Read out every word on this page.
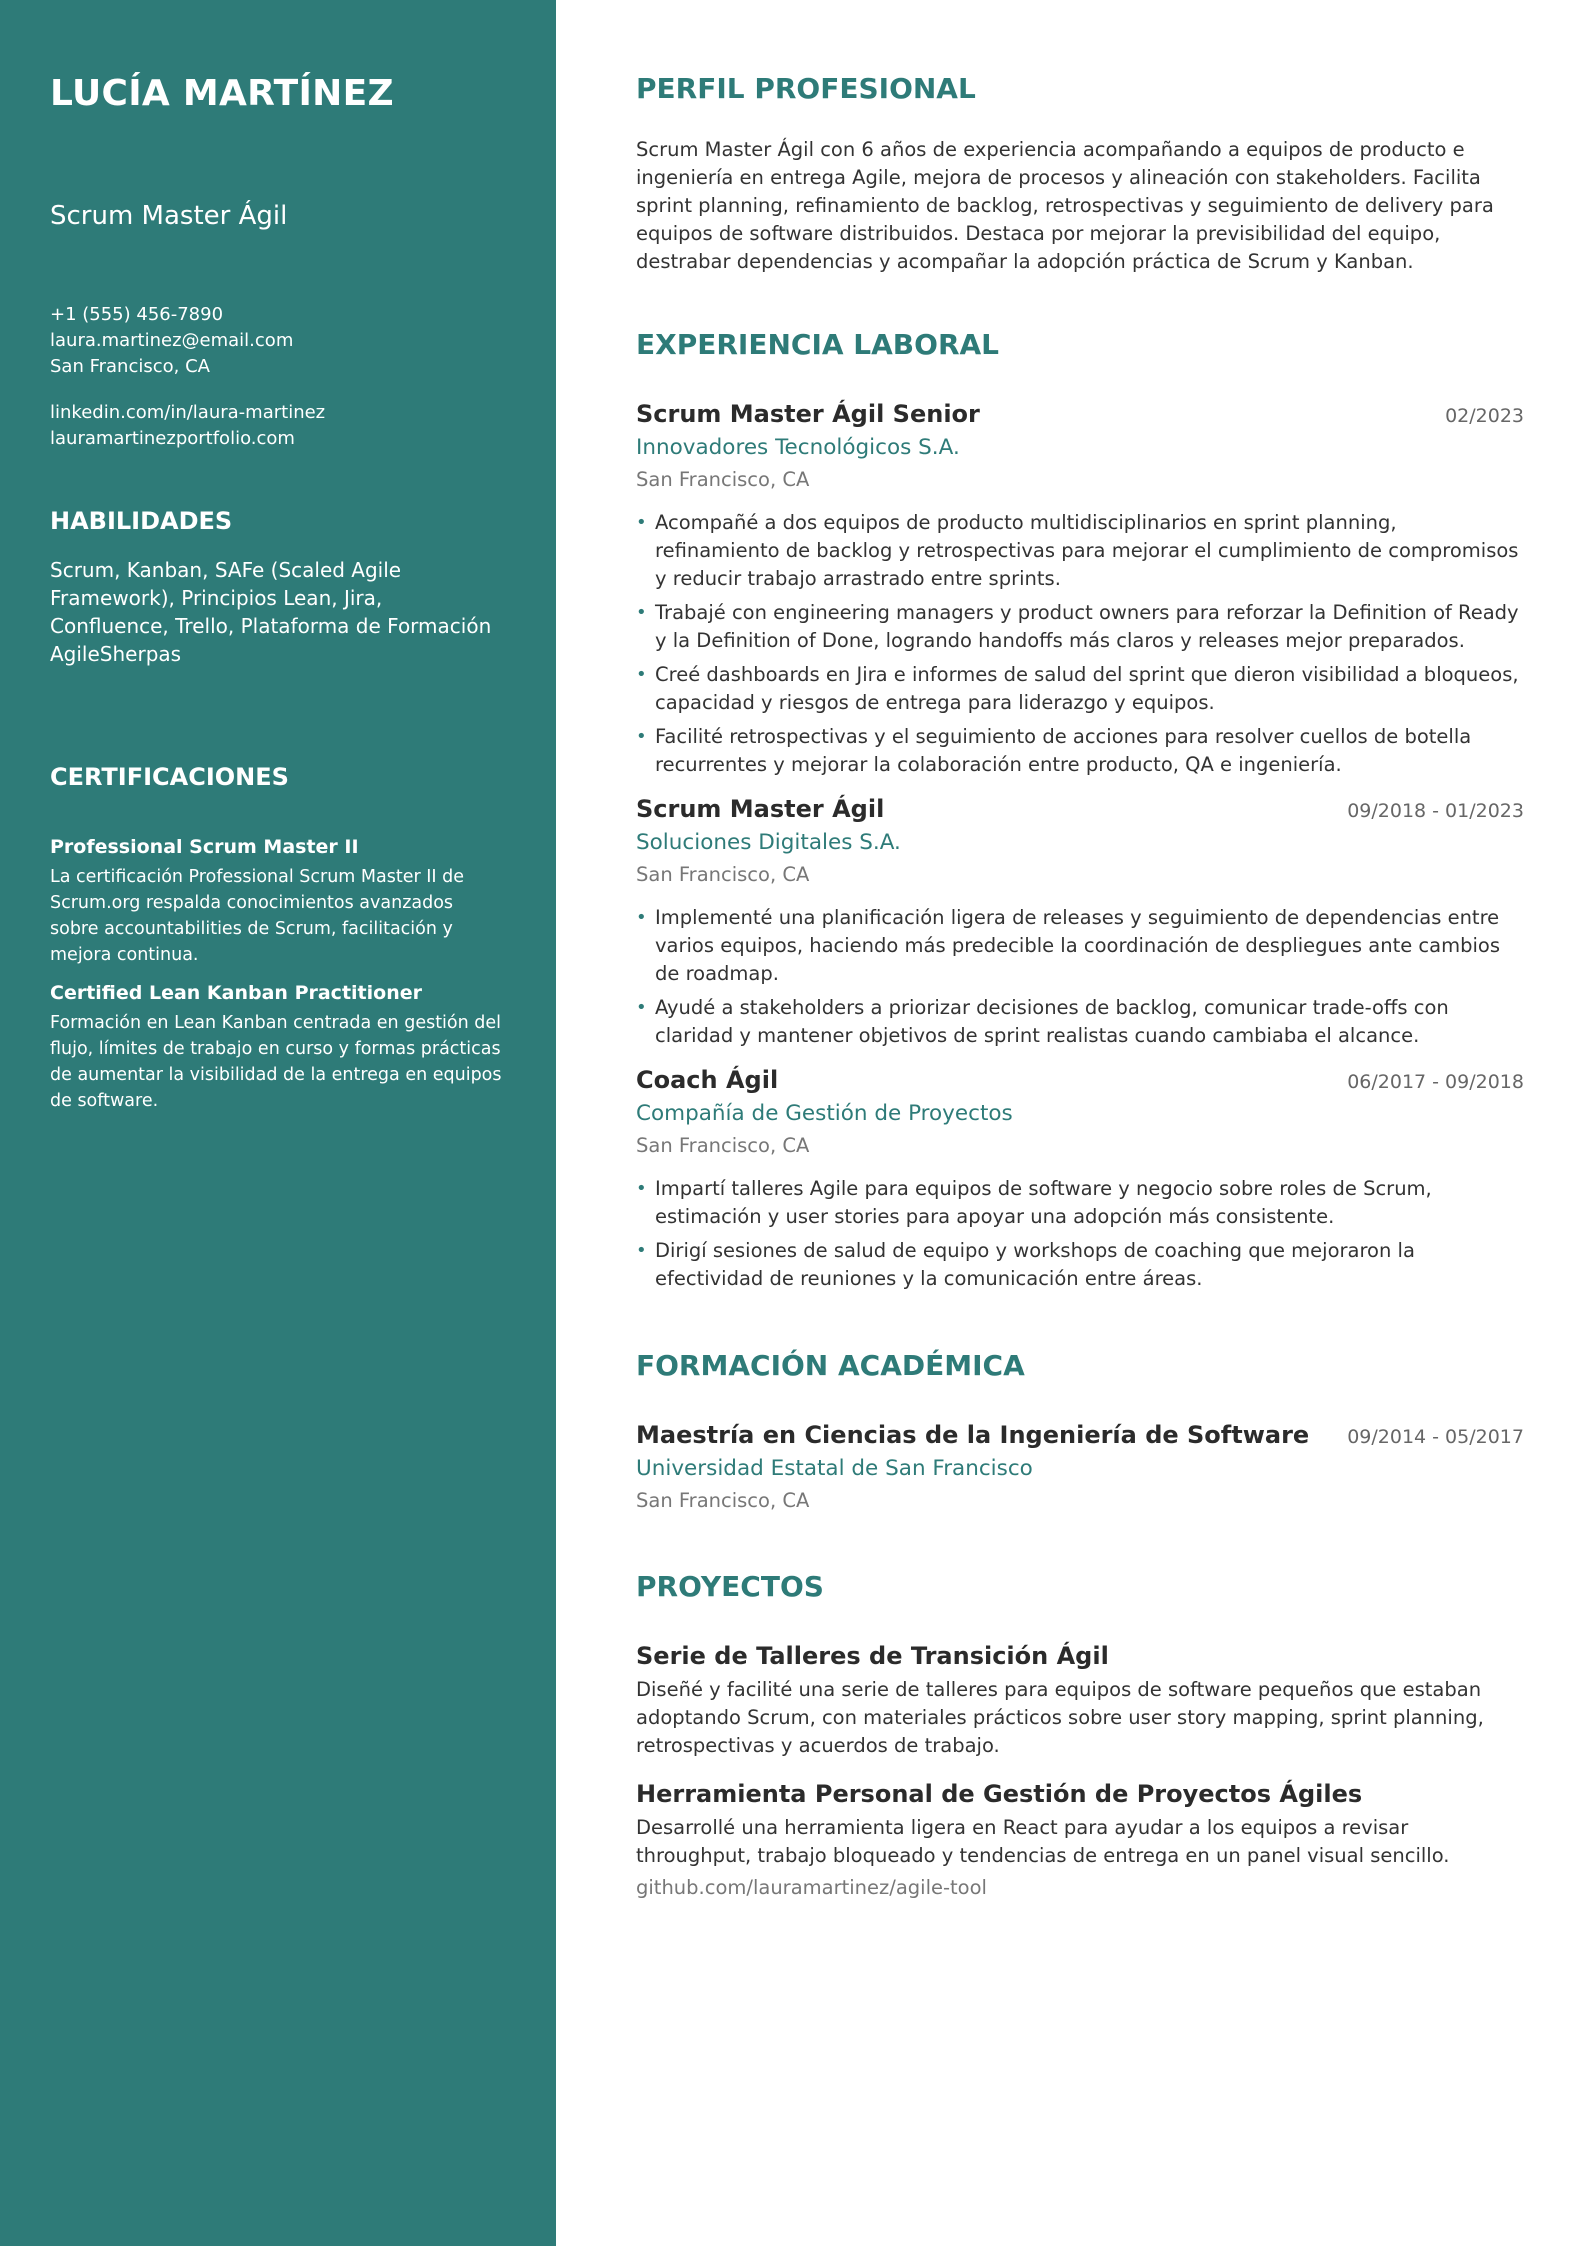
LUCÍA MARTÍNEZ
Scrum Master Ágil
+1 (555) 456-7890
laura.martinez@email.com
San Francisco, CA
linkedin.com/in/laura-martinez
lauramartinezportfolio.com
HABILIDADES
Scrum, Kanban, SAFe (Scaled Agile Framework), Principios Lean, Jira, Confluence, Trello, Plataforma de Formación AgileSherpas
CERTIFICACIONES
Professional Scrum Master II
La certificación Professional Scrum Master II de Scrum.org respalda conocimientos avanzados sobre accountabilities de Scrum, facilitación y mejora continua.
Certified Lean Kanban Practitioner
Formación en Lean Kanban centrada en gestión del flujo, límites de trabajo en curso y formas prácticas de aumentar la visibilidad de la entrega en equipos de software.
PERFIL PROFESIONAL
Scrum Master Ágil con 6 años de experiencia acompañando a equipos de producto e ingeniería en entrega Agile, mejora de procesos y alineación con stakeholders. Facilita sprint planning, refinamiento de backlog, retrospectivas y seguimiento de delivery para equipos de software distribuidos. Destaca por mejorar la previsibilidad del equipo, destrabar dependencias y acompañar la adopción práctica de Scrum y Kanban.
EXPERIENCIA LABORAL
Scrum Master Ágil Senior	02/2023
Innovadores Tecnológicos S.A.
San Francisco, CA
• Acompañé a dos equipos de producto multidisciplinarios en sprint planning, refinamiento de backlog y retrospectivas para mejorar el cumplimiento de compromisos y reducir trabajo arrastrado entre sprints.
• Trabajé con engineering managers y product owners para reforzar la Definition of Ready y la Definition of Done, logrando handoffs más claros y releases mejor preparados.
• Creé dashboards en Jira e informes de salud del sprint que dieron visibilidad a bloqueos, capacidad y riesgos de entrega para liderazgo y equipos.
• Facilité retrospectivas y el seguimiento de acciones para resolver cuellos de botella recurrentes y mejorar la colaboración entre producto, QA e ingeniería.
Scrum Master Ágil	09/2018 - 01/2023
Soluciones Digitales S.A.
San Francisco, CA
• Implementé una planificación ligera de releases y seguimiento de dependencias entre varios equipos, haciendo más predecible la coordinación de despliegues ante cambios de roadmap.
• Ayudé a stakeholders a priorizar decisiones de backlog, comunicar trade-offs con claridad y mantener objetivos de sprint realistas cuando cambiaba el alcance.
Coach Ágil	06/2017 - 09/2018
Compañía de Gestión de Proyectos
San Francisco, CA
• Impartí talleres Agile para equipos de software y negocio sobre roles de Scrum, estimación y user stories para apoyar una adopción más consistente.
• Dirigí sesiones de salud de equipo y workshops de coaching que mejoraron la efectividad de reuniones y la comunicación entre áreas.
FORMACIÓN ACADÉMICA
Maestría en Ciencias de la Ingeniería de Software 09/2014 - 05/2017
Universidad Estatal de San Francisco
San Francisco, CA
PROYECTOS
Serie de Talleres de Transición Ágil
Diseñé y facilité una serie de talleres para equipos de software pequeños que estaban adoptando Scrum, con materiales prácticos sobre user story mapping, sprint planning, retrospectivas y acuerdos de trabajo.
Herramienta Personal de Gestión de Proyectos Ágiles
Desarrollé una herramienta ligera en React para ayudar a los equipos a revisar throughput, trabajo bloqueado y tendencias de entrega en un panel visual sencillo.
github.com/lauramartinez/agile-tool
